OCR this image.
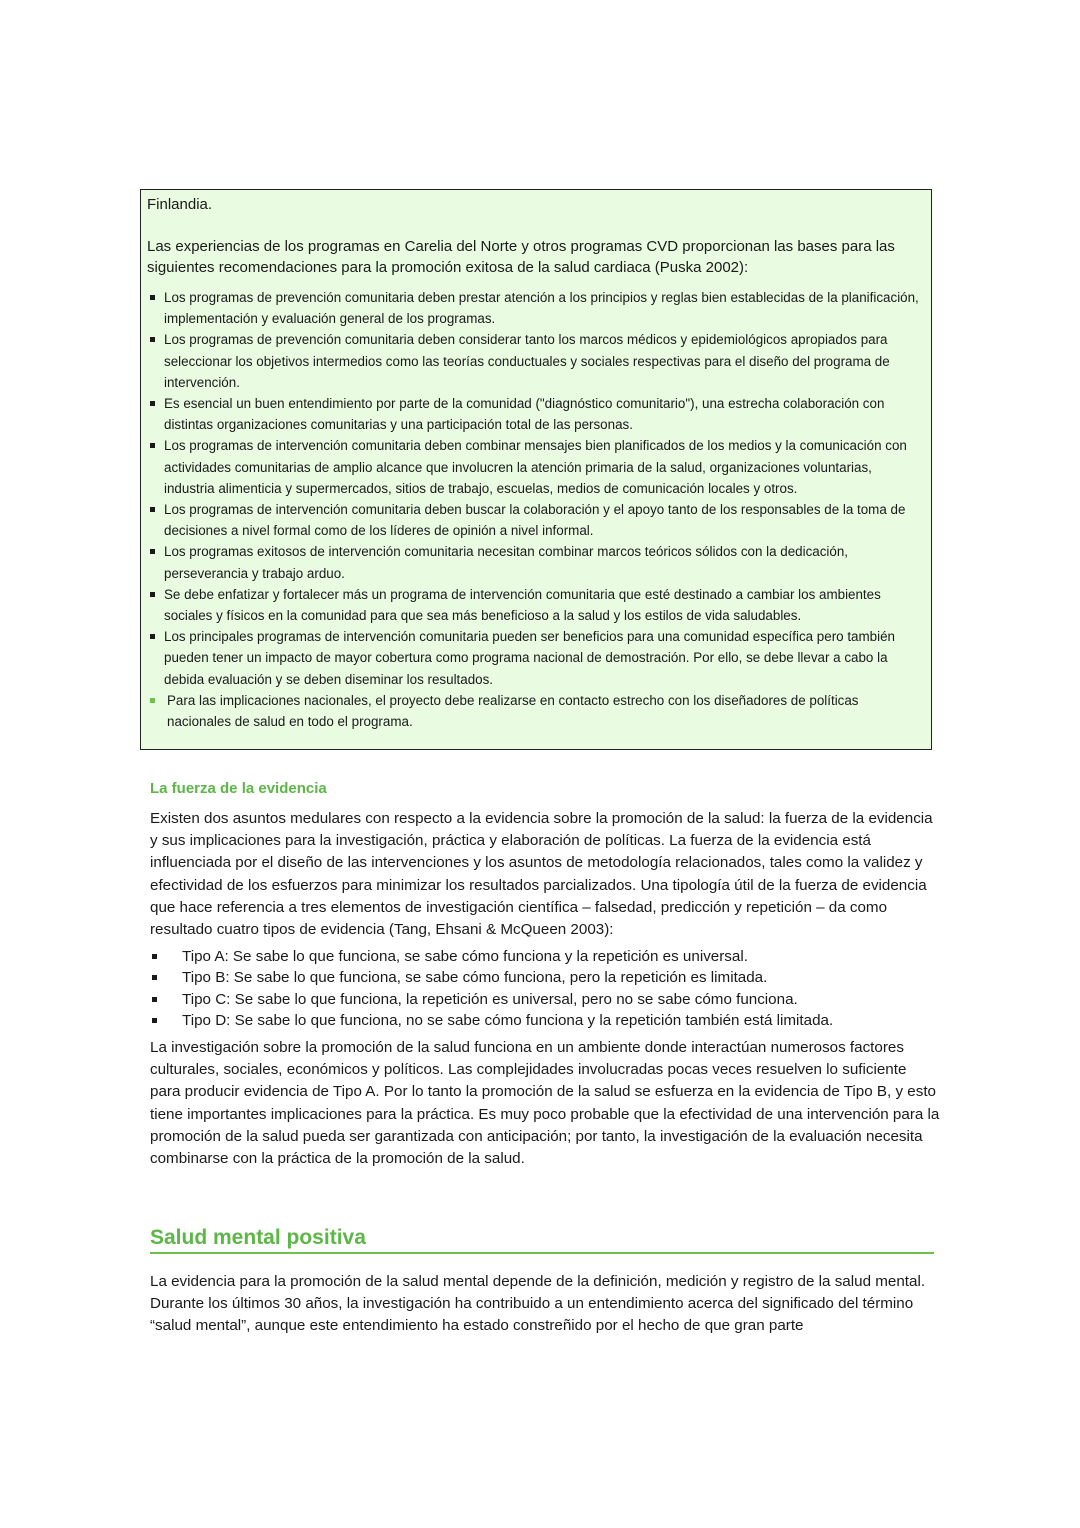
Finlandia.

Las experiencias de los programas en Carelia del Norte y otros programas CVD proporcionan las bases para las siguientes recomendaciones para la promoción exitosa de la salud cardiaca (Puska 2002):

Los programas de prevención comunitaria deben prestar atención a los principios y reglas bien establecidas de la planificación, implementación y evaluación general de los programas.
Los programas de prevención comunitaria deben considerar tanto los marcos médicos y epidemiológicos apropiados para seleccionar los objetivos intermedios como las teorías conductuales y sociales respectivas para el diseño del programa de intervención.
Es esencial un buen entendimiento por parte de la comunidad ("diagnóstico comunitario"), una estrecha colaboración con distintas organizaciones comunitarias y una participación total de las personas.
Los programas de intervención comunitaria deben combinar mensajes bien planificados de los medios y la comunicación con actividades comunitarias de amplio alcance que involucren la atención primaria de la salud, organizaciones voluntarias, industria alimenticia y supermercados, sitios de trabajo, escuelas, medios de comunicación locales y otros.
Los programas de intervención comunitaria deben buscar la colaboración y el apoyo tanto de los responsables de la toma de decisiones a nivel formal como de los líderes de opinión a nivel informal.
Los programas exitosos de intervención comunitaria necesitan combinar marcos teóricos sólidos con la dedicación, perseverancia y trabajo arduo.
Se debe enfatizar y fortalecer más un programa de intervención comunitaria que esté destinado a cambiar los ambientes sociales y físicos en la comunidad para que sea más beneficioso a la salud y los estilos de vida saludables.
Los principales programas de intervención comunitaria pueden ser beneficios para una comunidad específica pero también pueden tener un impacto de mayor cobertura como programa nacional de demostración. Por ello, se debe llevar a cabo la debida evaluación y se deben diseminar los resultados.
Para las implicaciones nacionales, el proyecto debe realizarse en contacto estrecho con los diseñadores de políticas nacionales de salud en todo el programa.
La fuerza de la evidencia

Existen dos asuntos medulares con respecto a la evidencia sobre la promoción de la salud: la fuerza de la evidencia y sus implicaciones para la investigación, práctica y elaboración de políticas. La fuerza de la evidencia está influenciada por el diseño de las intervenciones y los asuntos de metodología relacionados, tales como la validez y efectividad de los esfuerzos para minimizar los resultados parcializados. Una tipología útil de la fuerza de evidencia que hace referencia a tres elementos de investigación científica – falsedad, predicción y repetición – da como resultado cuatro tipos de evidencia (Tang, Ehsani & McQueen 2003):

Tipo A: Se sabe lo que funciona, se sabe cómo funciona y la repetición es universal.
Tipo B: Se sabe lo que funciona, se sabe cómo funciona, pero la repetición es limitada.
Tipo C: Se sabe lo que funciona, la repetición es universal, pero no se sabe cómo funciona.
Tipo D: Se sabe lo que funciona, no se sabe cómo funciona y la repetición también está limitada.

La investigación sobre la promoción de la salud funciona en un ambiente donde interactúan numerosos factores culturales, sociales, económicos y políticos. Las complejidades involucradas pocas veces resuelven lo suficiente para producir evidencia de Tipo A. Por lo tanto la promoción de la salud se esfuerza en la evidencia de Tipo B, y esto tiene importantes implicaciones para la práctica. Es muy poco probable que la efectividad de una intervención para la promoción de la salud pueda ser garantizada con anticipación; por tanto, la investigación de la evaluación necesita combinarse con la práctica de la promoción de la salud.

Salud mental positiva

La evidencia para la promoción de la salud mental depende de la definición, medición y registro de la salud mental. Durante los últimos 30 años, la investigación ha contribuido a un entendimiento acerca del significado del término “salud mental”, aunque este entendimiento ha estado constreñido por el hecho de que gran parte
